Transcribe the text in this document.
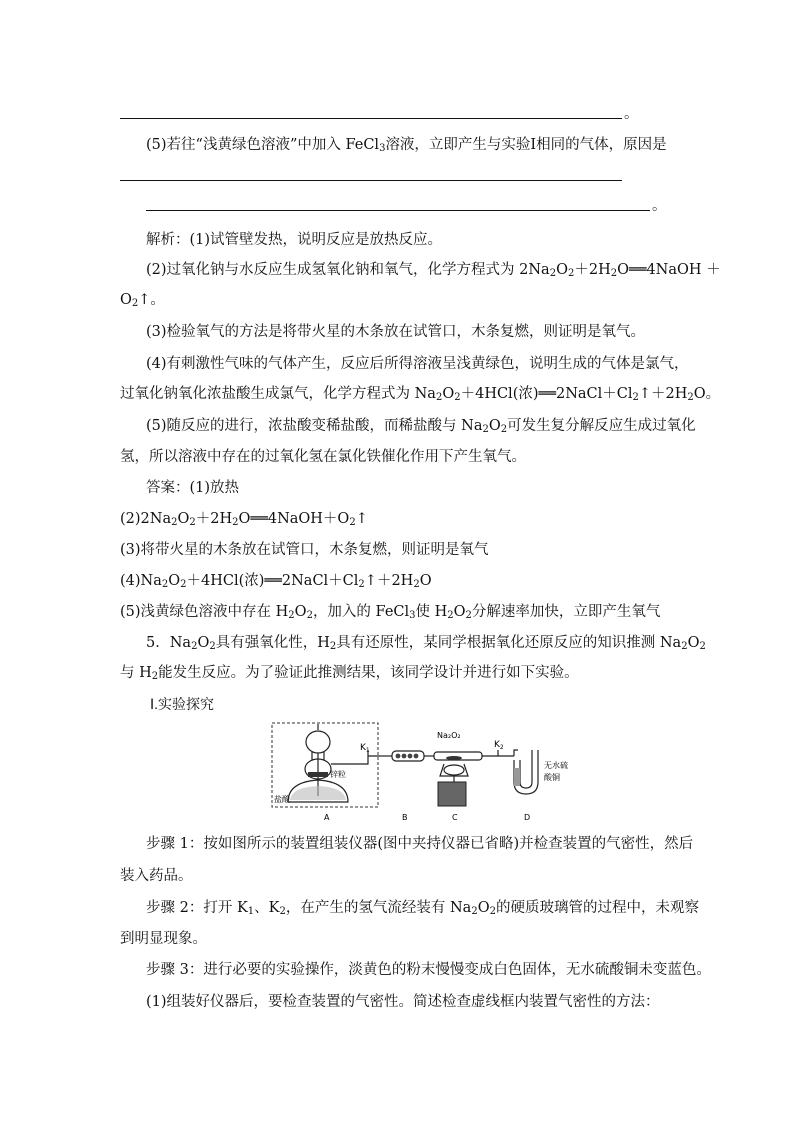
。
(5)若往“浅黄绿色溶液”中加入 FeCl$_3$溶液，立即产生与实验Ⅰ相同的气体，原因是
。
解析：(1)试管壁发热，说明反应是放热反应。
(2)过氧化钠与水反应生成氢氧化钠和氧气，化学方程式为 $2Na_2O_2+2H_2O══4NaOH$ ＋
$O_2↑$。
(3)检验氧气的方法是将带火星的木条放在试管口，木条复燃，则证明是氧气。
(4)有刺激性气味的气体产生，反应后所得溶液呈浅黄绿色，说明生成的气体是氯气，
过氧化钠氧化浓盐酸生成氯气，化学方程式为 $Na_2O_2+4HCl$(浓)$══2NaCl+Cl_2↑+2H_2O$。
(5)随反应的进行，浓盐酸变稀盐酸，而稀盐酸与 $Na_2O_2$可发生复分解反应生成过氧化
氢，所以溶液中存在的过氧化氢在氯化铁催化作用下产生氧气。
答案：(1)放热
$(2)2Na_2O_2+2H_2O══4NaOH+O_2↑$
(3)将带火星的木条放在试管口，木条复燃，则证明是氧气
$(4)Na_2O_2+4HCl$(浓)$══2NaCl+Cl_2↑+2H_2O$
(5)浅黄绿色溶液中存在 $H_2O_2$，加入的 FeCl$_3$使 $H_2O_2$分解速率加快，立即产生氧气
5．$Na_2O_2$具有强氧化性，$H_2$具有还原性，某同学根据氧化还原反应的知识推测 $Na_2O_2$
与 $H_2$能发生反应。为了验证此推测结果，该同学设计并进行如下实验。
Ⅰ.实验探究
$K_1$
Na₂O₂
$K_2$
无水硫
酸铜
锌粒
盐酸
A	B	C	D
步骤 1：按如图所示的装置组装仪器(图中夹持仪器已省略)并检查装置的气密性，然后
装入药品。
步骤 2：打开 $K_1$、$K_2$，在产生的氢气流经装有 $Na_2O_2$的硬质玻璃管的过程中，未观察
到明显现象。
步骤 3：进行必要的实验操作，淡黄色的粉末慢慢变成白色固体，无水硫酸铜未变蓝色。
(1)组装好仪器后，要检查装置的气密性。简述检查虚线框内装置气密性的方法：
